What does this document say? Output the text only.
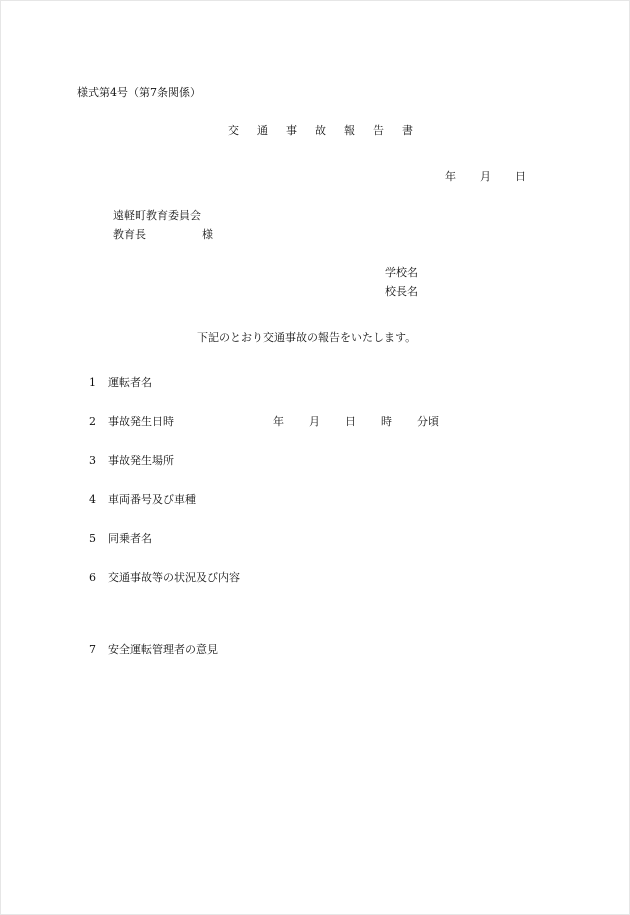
様式第4号（第7条関係）
交通事故報告書
年 月 日
遠軽町教育委員会
教育長	様
学校名
校長名
下記のとおり交通事故の報告をいたします。
1 運転者名
2 事故発生日時	年 月 日 時 分頃
3 事故発生場所
4 車両番号及び車種
5 同乗者名
6 交通事故等の状況及び内容
7 安全運転管理者の意見
